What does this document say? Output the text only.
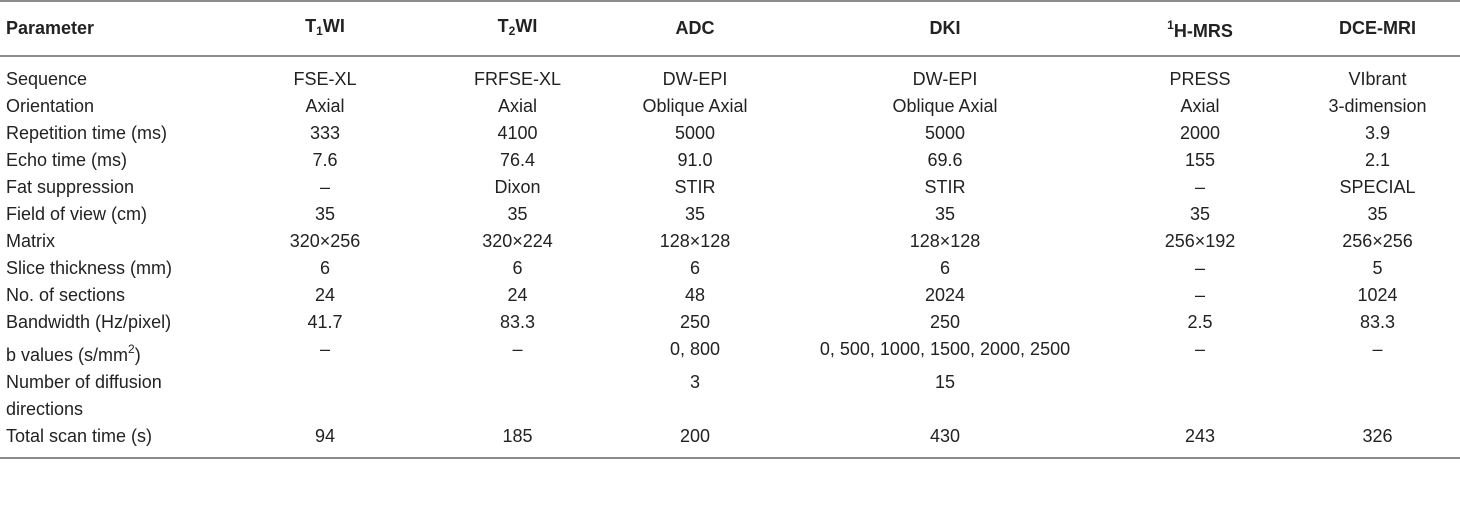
Parameter	$T_1WI$	$T_2WI$	ADC	DKI	$^1$H-MRS	DCE-MRI
Sequence	FSE-XL	FRFSE-XL	DW-EPI	DW-EPI	PRESS	VIbrant
Orientation	Axial	Axial	Oblique Axial	Oblique Axial	Axial	3-dimension
Repetition time (ms)	333	4100	5000	5000	2000	3.9
Echo time (ms)	7.6	76.4	91.0	69.6	155	2.1
Fat suppression	–	Dixon	STIR	STIR	–	SPECIAL
Field of view (cm)	35	35	35	35	35	35
Matrix	320×256	320×224	128×128	128×128	256×192	256×256
Slice thickness (mm)	6	6	6	6	–	5
No. of sections	24	24	48	2024	–	1024
Bandwidth (Hz/pixel)	41.7	83.3	250	250	2.5	83.3
b values $(s/mm^2)$	–	–	0, 800	0, 500, 1000, 1500, 2000, 2500	–	–
Number of diffusion directions			3	15		
Total scan time (s)	94	185	200	430	243	326
